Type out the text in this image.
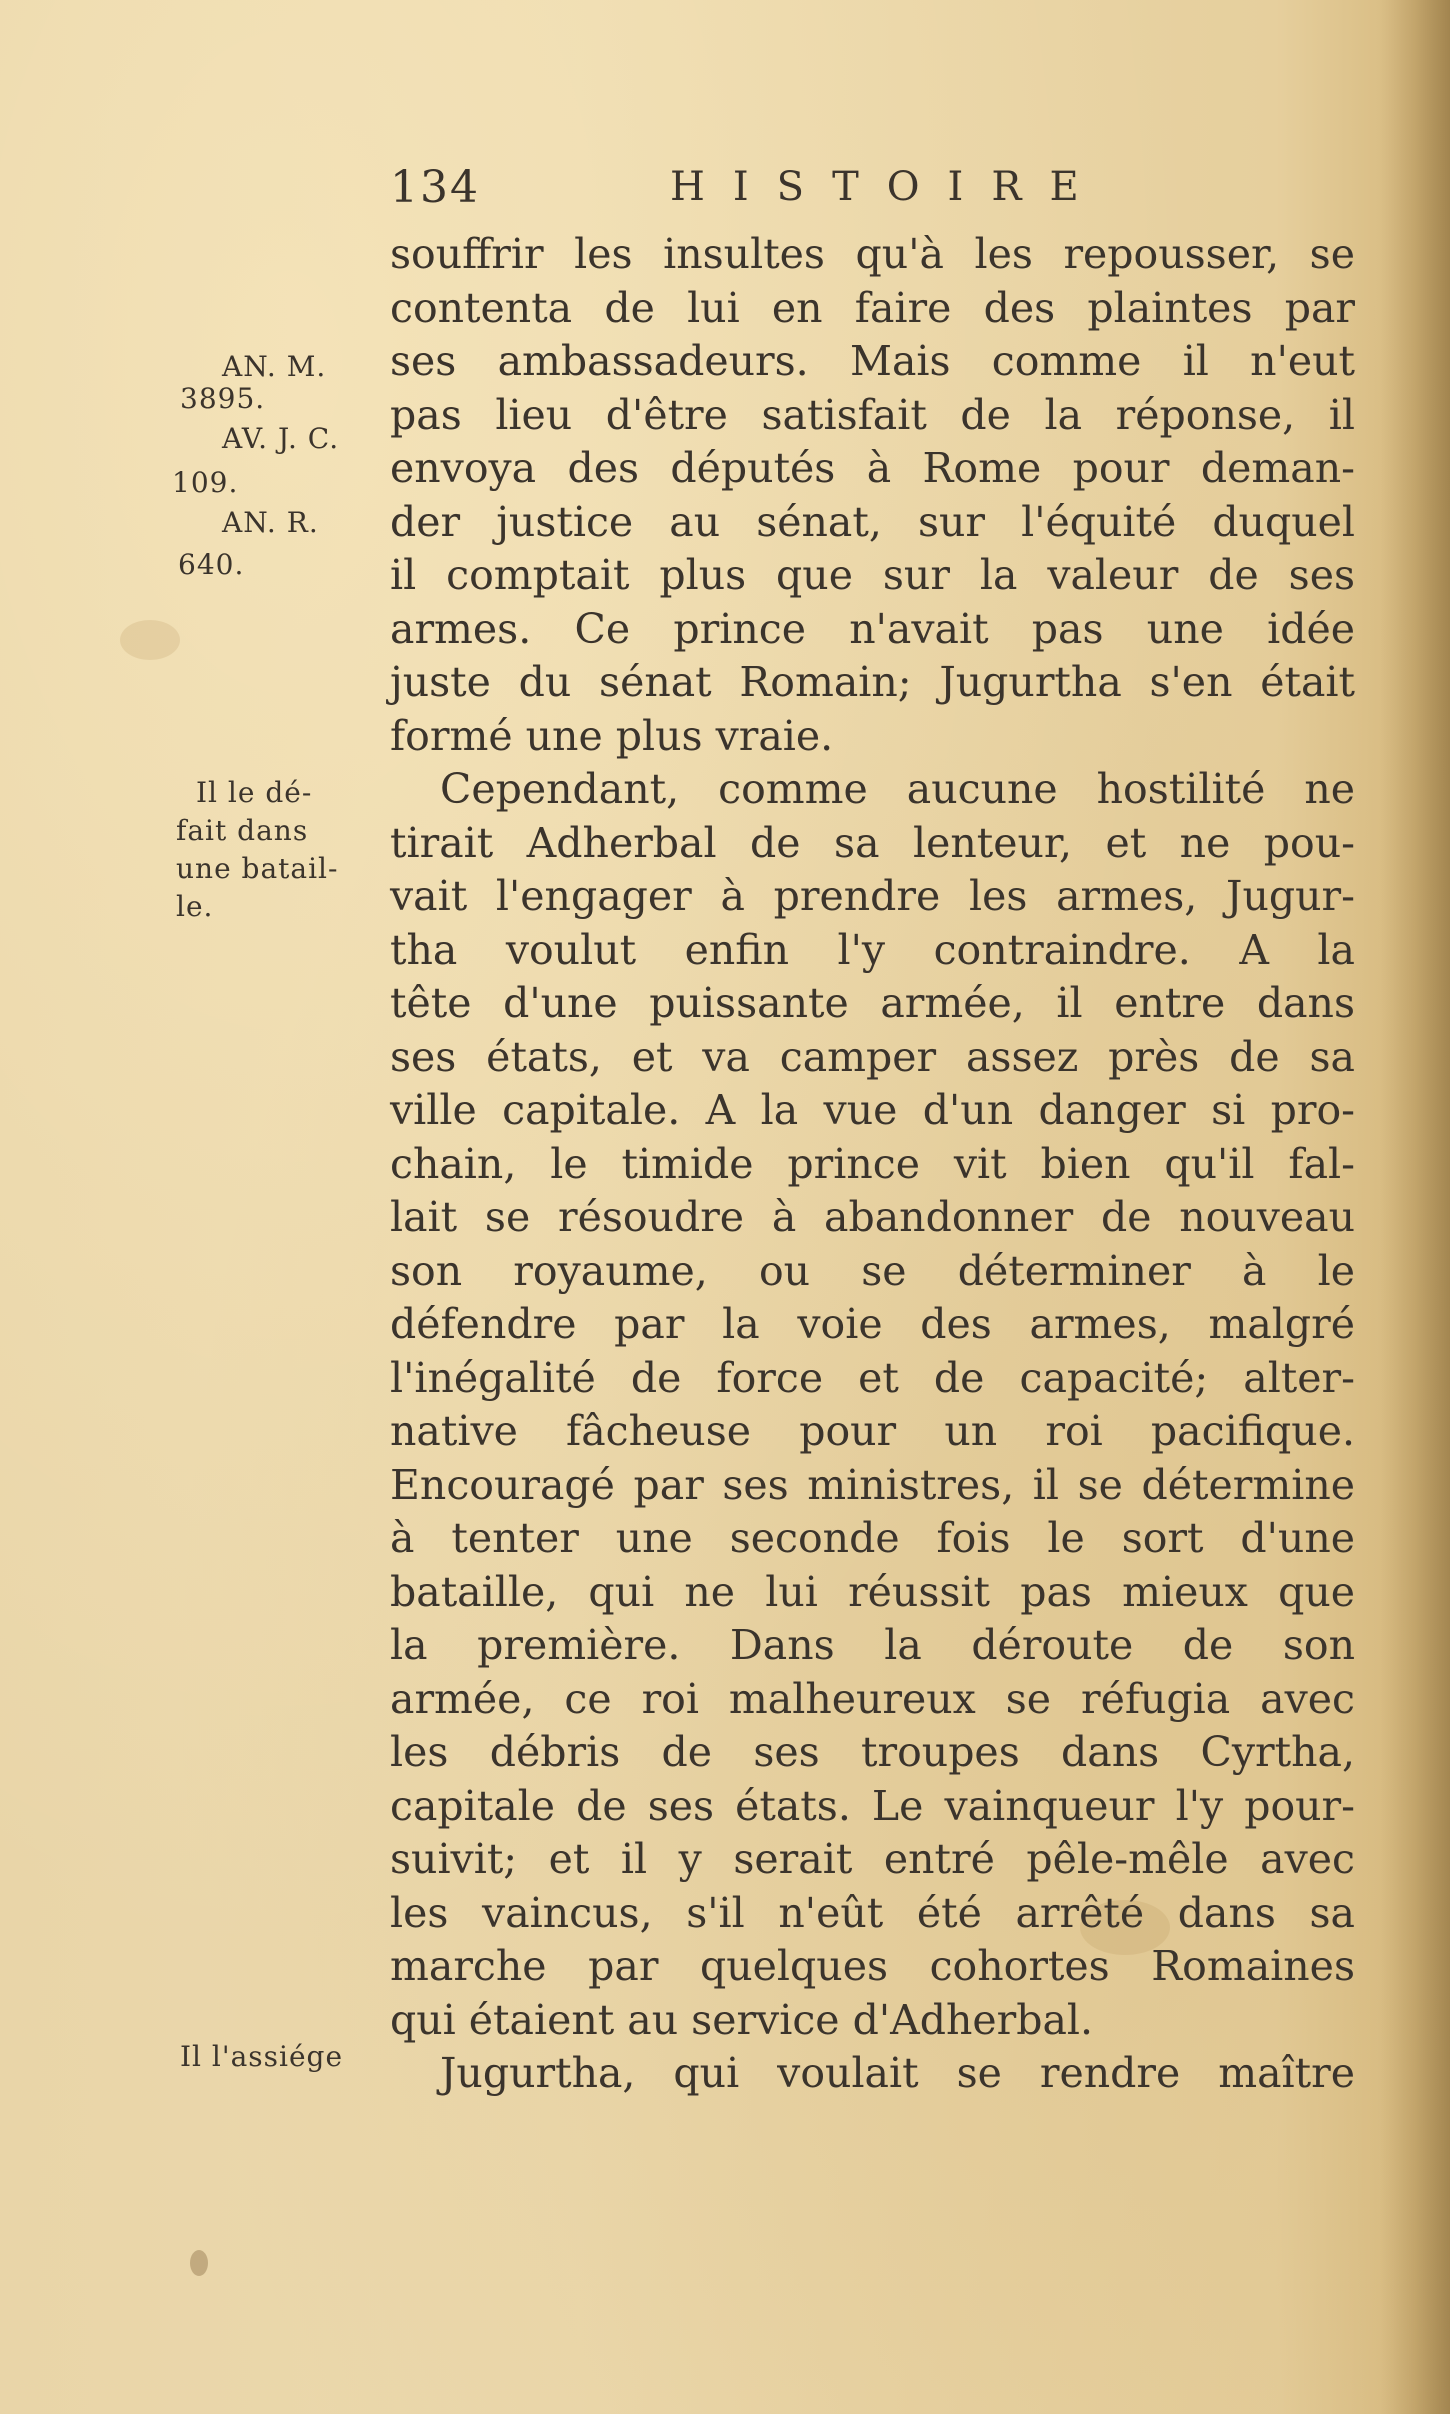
134	HISTOIRE
AN. M.
3895.
AV. J. C.
109.
AN. R.
640.
Il le dé-
fait dans
une batail-
le.
Il l'assiége
souffrir les insultes qu'à les repousser, se
contenta de lui en faire des plaintes par
ses ambassadeurs. Mais comme il n'eut
pas lieu d'être satisfait de la réponse, il
envoya des députés à Rome pour deman-
der justice au sénat, sur l'équité duquel
il comptait plus que sur la valeur de ses
armes. Ce prince n'avait pas une idée
juste du sénat Romain; Jugurtha s'en était
formé une plus vraie.
Cependant, comme aucune hostilité ne
tirait Adherbal de sa lenteur, et ne pou-
vait l'engager à prendre les armes, Jugur-
tha voulut enfin l'y contraindre. A la
tête d'une puissante armée, il entre dans
ses états, et va camper assez près de sa
ville capitale. A la vue d'un danger si pro-
chain, le timide prince vit bien qu'il fal-
lait se résoudre à abandonner de nouveau
son royaume, ou se déterminer à le
défendre par la voie des armes, malgré
l'inégalité de force et de capacité; alter-
native fâcheuse pour un roi pacifique.
Encouragé par ses ministres, il se détermine
à tenter une seconde fois le sort d'une
bataille, qui ne lui réussit pas mieux que
la première. Dans la déroute de son
armée, ce roi malheureux se réfugia avec
les débris de ses troupes dans Cyrtha,
capitale de ses états. Le vainqueur l'y pour-
suivit; et il y serait entré pêle-mêle avec
les vaincus, s'il n'eût été arrêté dans sa
marche par quelques cohortes Romaines
qui étaient au service d'Adherbal.
Jugurtha, qui voulait se rendre maître
